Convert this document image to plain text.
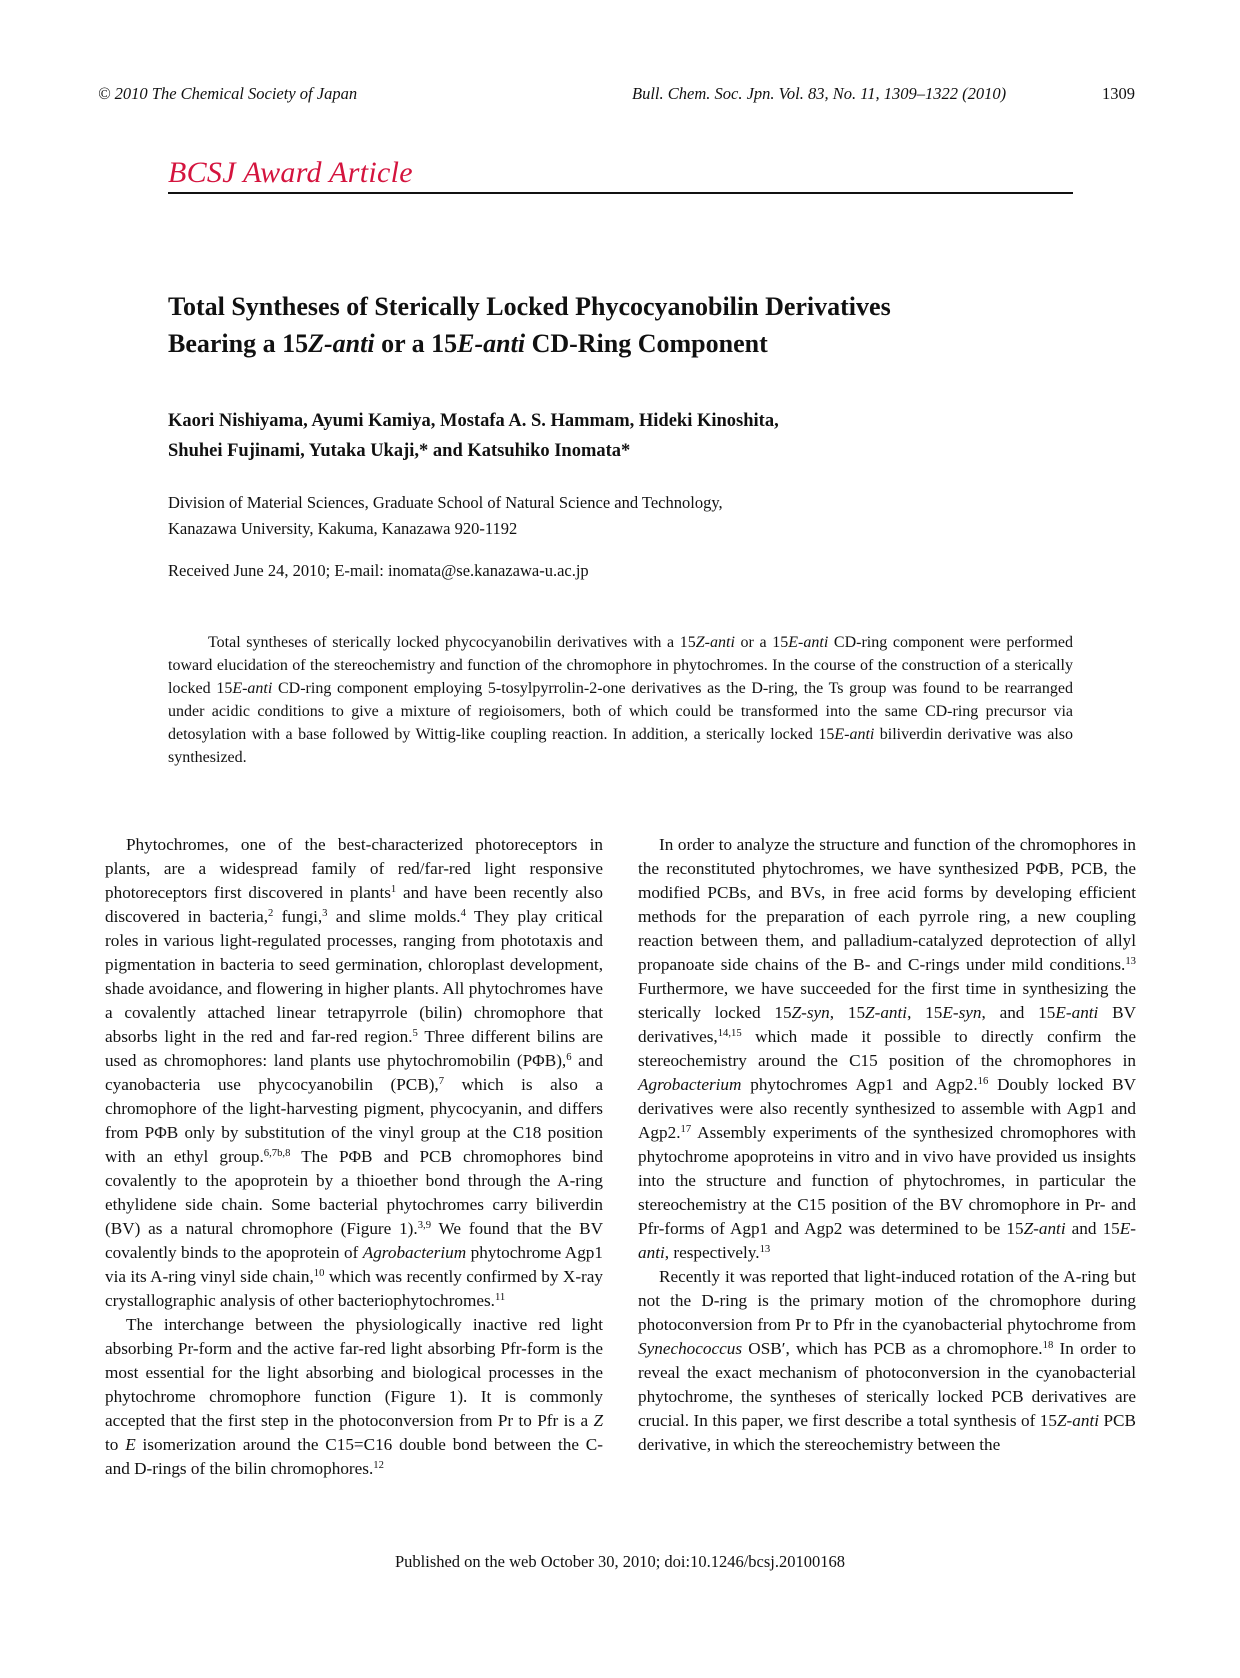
© 2010 The Chemical Society of Japan	Bull. Chem. Soc. Jpn. Vol. 83, No. 11, 1309–1322 (2010)	1309
BCSJ Award Article
Total Syntheses of Sterically Locked Phycocyanobilin Derivatives
Bearing a 15Z-anti or a 15E-anti CD-Ring Component
Kaori Nishiyama, Ayumi Kamiya, Mostafa A. S. Hammam, Hideki Kinoshita,
Shuhei Fujinami, Yutaka Ukaji,* and Katsuhiko Inomata*
Division of Material Sciences, Graduate School of Natural Science and Technology,
Kanazawa University, Kakuma, Kanazawa 920-1192
Received June 24, 2010; E-mail: inomata@se.kanazawa-u.ac.jp
Total syntheses of sterically locked phycocyanobilin derivatives with a 15Z-anti or a 15E-anti CD-ring component were performed toward elucidation of the stereochemistry and function of the chromophore in phytochromes. In the course of the construction of a sterically locked 15E-anti CD-ring component employing 5-tosylpyrrolin-2-one derivatives as the D-ring, the Ts group was found to be rearranged under acidic conditions to give a mixture of regioisomers, both of which could be transformed into the same CD-ring precursor via detosylation with a base followed by Wittig-like coupling reaction. In addition, a sterically locked 15E-anti biliverdin derivative was also synthesized.

Phytochromes, one of the best-characterized photoreceptors in plants, are a widespread family of red/far-red light responsive photoreceptors first discovered in plants$^1$ and have been recently also discovered in bacteria,$^2$ fungi,$^3$ and slime molds.$^4$ They play critical roles in various light-regulated processes, ranging from phototaxis and pigmentation in bacteria to seed germination, chloroplast development, shade avoidance, and flowering in higher plants. All phytochromes have a covalently attached linear tetrapyrrole (bilin) chromophore that absorbs light in the red and far-red region.$^5$ Three different bilins are used as chromophores: land plants use phytochromobilin (PΦB),$^6$ and cyanobacteria use phycocyanobilin (PCB),$^7$ which is also a chromophore of the light-harvesting pigment, phycocyanin, and differs from PΦB only by substitution of the vinyl group at the C18 position with an ethyl group.$^{6,7b,8}$ The PΦB and PCB chromophores bind covalently to the apoprotein by a thioether bond through the A-ring ethylidene side chain. Some bacterial phytochromes carry biliverdin (BV) as a natural chromophore (Figure 1).$^{3,9}$ We found that the BV covalently binds to the apoprotein of Agrobacterium phytochrome Agp1 via its A-ring vinyl side chain,$^{10}$ which was recently confirmed by X-ray crystallographic analysis of other bacteriophytochromes.$^{11}$

The interchange between the physiologically inactive red light absorbing Pr-form and the active far-red light absorbing Pfr-form is the most essential for the light absorbing and biological processes in the phytochrome chromophore function (Figure 1). It is commonly accepted that the first step in the photoconversion from Pr to Pfr is a Z to E isomerization around the C15=C16 double bond between the C- and D-rings of the bilin chromophores.$^{12}$

In order to analyze the structure and function of the chromophores in the reconstituted phytochromes, we have synthesized PΦB, PCB, the modified PCBs, and BVs, in free acid forms by developing efficient methods for the preparation of each pyrrole ring, a new coupling reaction between them, and palladium-catalyzed deprotection of allyl propanoate side chains of the B- and C-rings under mild conditions.$^{13}$ Furthermore, we have succeeded for the first time in synthesizing the sterically locked 15Z-syn, 15Z-anti, 15E-syn, and 15E-anti BV derivatives,$^{14,15}$ which made it possible to directly confirm the stereochemistry around the C15 position of the chromophores in Agrobacterium phytochromes Agp1 and Agp2.16 Doubly locked BV derivatives were also recently synthesized to assemble with Agp1 and Agp2.17 Assembly experiments of the synthesized chromophores with phytochrome apoproteins in vitro and in vivo have provided us insights into the structure and function of phytochromes, in particular the stereochemistry at the C15 position of the BV chromophore in Pr- and Pfr-forms of Agp1 and Agp2 was determined to be 15Z-anti and 15E-anti, respectively.$^{13}$

Recently it was reported that light-induced rotation of the A-ring but not the D-ring is the primary motion of the chromophore during photoconversion from Pr to Pfr in the cyanobacterial phytochrome from Synechococcus OSB′, which has PCB as a chromophore.$^{18}$ In order to reveal the exact mechanism of photoconversion in the cyanobacterial phytochrome, the syntheses of sterically locked PCB derivatives are crucial. In this paper, we first describe a total synthesis of 15Z-anti PCB derivative, in which the stereochemistry between the

Published on the web October 30, 2010; doi:10.1246/bcsj.20100168
